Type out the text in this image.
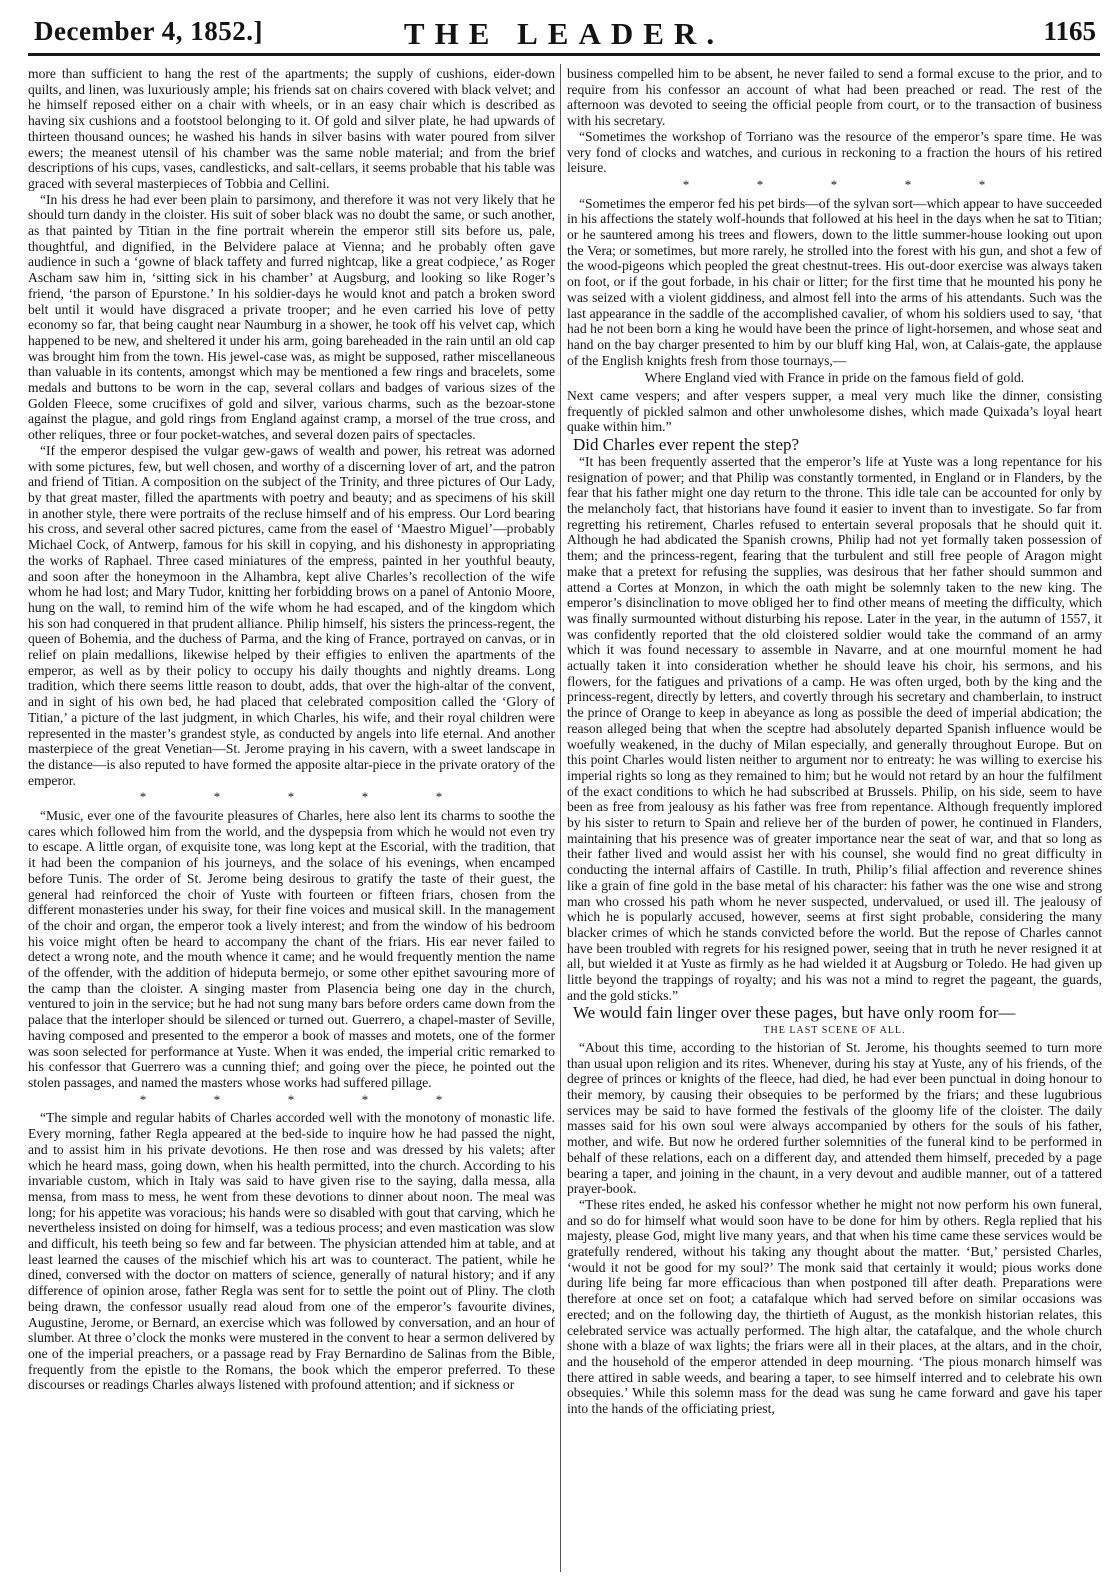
December 4, 1852.]	THE LEADER.	1165

more than sufficient to hang the rest of the apartments; the supply of cushions, eider-down quilts, and linen, was luxuriously ample; his friends sat on chairs covered with black velvet; and he himself reposed either on a chair with wheels, or in an easy chair which is described as having six cushions and a footstool belonging to it. Of gold and silver plate, he had upwards of thirteen thousand ounces; he washed his hands in silver basins with water poured from silver ewers; the meanest utensil of his chamber was the same noble material; and from the brief descriptions of his cups, vases, candlesticks, and salt-cellars, it seems probable that his table was graced with several masterpieces of Tobbia and Cellini.

“In his dress he had ever been plain to parsimony, and therefore it was not very likely that he should turn dandy in the cloister. His suit of sober black was no doubt the same, or such another, as that painted by Titian in the fine portrait wherein the emperor still sits before us, pale, thoughtful, and dignified, in the Belvidere palace at Vienna; and he probably often gave audience in such a ‘gowne of black taffety and furred nightcap, like a great codpiece,’ as Roger Ascham saw him in, ‘sitting sick in his chamber’ at Augsburg, and looking so like Roger’s friend, ‘the parson of Epurstone.’ In his soldier-days he would knot and patch a broken sword belt until it would have disgraced a private trooper; and he even carried his love of petty economy so far, that being caught near Naumburg in a shower, he took off his velvet cap, which happened to be new, and sheltered it under his arm, going bareheaded in the rain until an old cap was brought him from the town. His jewel-case was, as might be supposed, rather miscellaneous than valuable in its contents, amongst which may be mentioned a few rings and bracelets, some medals and buttons to be worn in the cap, several collars and badges of various sizes of the Golden Fleece, some crucifixes of gold and silver, various charms, such as the bezoar-stone against the plague, and gold rings from England against cramp, a morsel of the true cross, and other reliques, three or four pocket-watches, and several dozen pairs of spectacles.

“If the emperor despised the vulgar gew-gaws of wealth and power, his retreat was adorned with some pictures, few, but well chosen, and worthy of a discerning lover of art, and the patron and friend of Titian. A composition on the subject of the Trinity, and three pictures of Our Lady, by that great master, filled the apartments with poetry and beauty; and as specimens of his skill in another style, there were portraits of the recluse himself and of his empress. Our Lord bearing his cross, and several other sacred pictures, came from the easel of ‘Maestro Miguel’—probably Michael Cock, of Antwerp, famous for his skill in copying, and his dishonesty in appropriating the works of Raphael. Three cased miniatures of the empress, painted in her youthful beauty, and soon after the honeymoon in the Alhambra, kept alive Charles’s recollection of the wife whom he had lost; and Mary Tudor, knitting her forbidding brows on a panel of Antonio Moore, hung on the wall, to remind him of the wife whom he had escaped, and of the kingdom which his son had conquered in that prudent alliance. Philip himself, his sisters the princess-regent, the queen of Bohemia, and the duchess of Parma, and the king of France, portrayed on canvas, or in relief on plain medallions, likewise helped by their effigies to enliven the apartments of the emperor, as well as by their policy to occupy his daily thoughts and nightly dreams. Long tradition, which there seems little reason to doubt, adds, that over the high-altar of the convent, and in sight of his own bed, he had placed that celebrated composition called the ‘Glory of Titian,’ a picture of the last judgment, in which Charles, his wife, and their royal children were represented in the master’s grandest style, as conducted by angels into life eternal. And another masterpiece of the great Venetian—St. Jerome praying in his cavern, with a sweet landscape in the distance—is also reputed to have formed the apposite altar-piece in the private oratory of the emperor.

*	*	*	*	*

“Music, ever one of the favourite pleasures of Charles, here also lent its charms to soothe the cares which followed him from the world, and the dyspepsia from which he would not even try to escape. A little organ, of exquisite tone, was long kept at the Escorial, with the tradition, that it had been the companion of his journeys, and the solace of his evenings, when encamped before Tunis. The order of St. Jerome being desirous to gratify the taste of their guest, the general had reinforced the choir of Yuste with fourteen or fifteen friars, chosen from the different monasteries under his sway, for their fine voices and musical skill. In the management of the choir and organ, the emperor took a lively interest; and from the window of his bedroom his voice might often be heard to accompany the chant of the friars. His ear never failed to detect a wrong note, and the mouth whence it came; and he would frequently mention the name of the offender, with the addition of hideputa bermejo, or some other epithet savouring more of the camp than the cloister. A singing master from Plasencia being one day in the church, ventured to join in the service; but he had not sung many bars before orders came down from the palace that the interloper should be silenced or turned out. Guerrero, a chapel-master of Seville, having composed and presented to the emperor a book of masses and motets, one of the former was soon selected for performance at Yuste. When it was ended, the imperial critic remarked to his confessor that Guerrero was a cunning thief; and going over the piece, he pointed out the stolen passages, and named the masters whose works had suffered pillage.

*	*	*	*	*

“The simple and regular habits of Charles accorded well with the monotony of monastic life. Every morning, father Regla appeared at the bed-side to inquire how he had passed the night, and to assist him in his private devotions. He then rose and was dressed by his valets; after which he heard mass, going down, when his health permitted, into the church. According to his invariable custom, which in Italy was said to have given rise to the saying, dalla messa, alla mensa, from mass to mess, he went from these devotions to dinner about noon. The meal was long; for his appetite was voracious; his hands were so disabled with gout that carving, which he nevertheless insisted on doing for himself, was a tedious process; and even mastication was slow and difficult, his teeth being so few and far between. The physician attended him at table, and at least learned the causes of the mischief which his art was to counteract. The patient, while he dined, conversed with the doctor on matters of science, generally of natural history; and if any difference of opinion arose, father Regla was sent for to settle the point out of Pliny. The cloth being drawn, the confessor usually read aloud from one of the emperor’s favourite divines, Augustine, Jerome, or Bernard, an exercise which was followed by conversation, and an hour of slumber. At three o’clock the monks were mustered in the convent to hear a sermon delivered by one of the imperial preachers, or a passage read by Fray Bernardino de Salinas from the Bible, frequently from the epistle to the Romans, the book which the emperor preferred. To these discourses or readings Charles always listened with profound attention; and if sickness or

business compelled him to be absent, he never failed to send a formal excuse to the prior, and to require from his confessor an account of what had been preached or read. The rest of the afternoon was devoted to seeing the official people from court, or to the transaction of business with his secretary.

“Sometimes the workshop of Torriano was the resource of the emperor’s spare time. He was very fond of clocks and watches, and curious in reckoning to a fraction the hours of his retired leisure.

*	*	*	*	*

“Sometimes the emperor fed his pet birds—of the sylvan sort—which appear to have succeeded in his affections the stately wolf-hounds that followed at his heel in the days when he sat to Titian; or he sauntered among his trees and flowers, down to the little summer-house looking out upon the Vera; or sometimes, but more rarely, he strolled into the forest with his gun, and shot a few of the wood-pigeons which peopled the great chestnut-trees. His out-door exercise was always taken on foot, or if the gout forbade, in his chair or litter; for the first time that he mounted his pony he was seized with a violent giddiness, and almost fell into the arms of his attendants. Such was the last appearance in the saddle of the accomplished cavalier, of whom his soldiers used to say, ‘that had he not been born a king he would have been the prince of light-horsemen, and whose seat and hand on the bay charger presented to him by our bluff king Hal, won, at Calais-gate, the applause of the English knights fresh from those tournays,—

Where England vied with France in pride on the famous field of gold.

Next came vespers; and after vespers supper, a meal very much like the dinner, consisting frequently of pickled salmon and other unwholesome dishes, which made Quixada’s loyal heart quake within him.”

Did Charles ever repent the step?

“It has been frequently asserted that the emperor’s life at Yuste was a long repentance for his resignation of power; and that Philip was constantly tormented, in England or in Flanders, by the fear that his father might one day return to the throne. This idle tale can be accounted for only by the melancholy fact, that historians have found it easier to invent than to investigate. So far from regretting his retirement, Charles refused to entertain several proposals that he should quit it. Although he had abdicated the Spanish crowns, Philip had not yet formally taken possession of them; and the princess-regent, fearing that the turbulent and still free people of Aragon might make that a pretext for refusing the supplies, was desirous that her father should summon and attend a Cortes at Monzon, in which the oath might be solemnly taken to the new king. The emperor’s disinclination to move obliged her to find other means of meeting the difficulty, which was finally surmounted without disturbing his repose. Later in the year, in the autumn of 1557, it was confidently reported that the old cloistered soldier would take the command of an army which it was found necessary to assemble in Navarre, and at one mournful moment he had actually taken it into consideration whether he should leave his choir, his sermons, and his flowers, for the fatigues and privations of a camp. He was often urged, both by the king and the princess-regent, directly by letters, and covertly through his secretary and chamberlain, to instruct the prince of Orange to keep in abeyance as long as possible the deed of imperial abdication; the reason alleged being that when the sceptre had absolutely departed Spanish influence would be woefully weakened, in the duchy of Milan especially, and generally throughout Europe. But on this point Charles would listen neither to argument nor to entreaty: he was willing to exercise his imperial rights so long as they remained to him; but he would not retard by an hour the fulfilment of the exact conditions to which he had subscribed at Brussels. Philip, on his side, seem to have been as free from jealousy as his father was free from repentance. Although frequently implored by his sister to return to Spain and relieve her of the burden of power, he continued in Flanders, maintaining that his presence was of greater importance near the seat of war, and that so long as their father lived and would assist her with his counsel, she would find no great difficulty in conducting the internal affairs of Castille. In truth, Philip’s filial affection and reverence shines like a grain of fine gold in the base metal of his character: his father was the one wise and strong man who crossed his path whom he never suspected, undervalued, or used ill. The jealousy of which he is popularly accused, however, seems at first sight probable, considering the many blacker crimes of which he stands convicted before the world. But the repose of Charles cannot have been troubled with regrets for his resigned power, seeing that in truth he never resigned it at all, but wielded it at Yuste as firmly as he had wielded it at Augsburg or Toledo. He had given up little beyond the trappings of royalty; and his was not a mind to regret the pageant, the guards, and the gold sticks.”

We would fain linger over these pages, but have only room for—
THE LAST SCENE OF ALL.

“About this time, according to the historian of St. Jerome, his thoughts seemed to turn more than usual upon religion and its rites. Whenever, during his stay at Yuste, any of his friends, of the degree of princes or knights of the fleece, had died, he had ever been punctual in doing honour to their memory, by causing their obsequies to be performed by the friars; and these lugubrious services may be said to have formed the festivals of the gloomy life of the cloister. The daily masses said for his own soul were always accompanied by others for the souls of his father, mother, and wife. But now he ordered further solemnities of the funeral kind to be performed in behalf of these relations, each on a different day, and attended them himself, preceded by a page bearing a taper, and joining in the chaunt, in a very devout and audible manner, out of a tattered prayer-book.

“These rites ended, he asked his confessor whether he might not now perform his own funeral, and so do for himself what would soon have to be done for him by others. Regla replied that his majesty, please God, might live many years, and that when his time came these services would be gratefully rendered, without his taking any thought about the matter. ‘But,’ persisted Charles, ‘would it not be good for my soul?’ The monk said that certainly it would; pious works done during life being far more efficacious than when postponed till after death. Preparations were therefore at once set on foot; a catafalque which had served before on similar occasions was erected; and on the following day, the thirtieth of August, as the monkish historian relates, this celebrated service was actually performed. The high altar, the catafalque, and the whole church shone with a blaze of wax lights; the friars were all in their places, at the altars, and in the choir, and the household of the emperor attended in deep mourning. ‘The pious monarch himself was there attired in sable weeds, and bearing a taper, to see himself interred and to celebrate his own obsequies.’ While this solemn mass for the dead was sung he came forward and gave his taper into the hands of the officiating priest,
